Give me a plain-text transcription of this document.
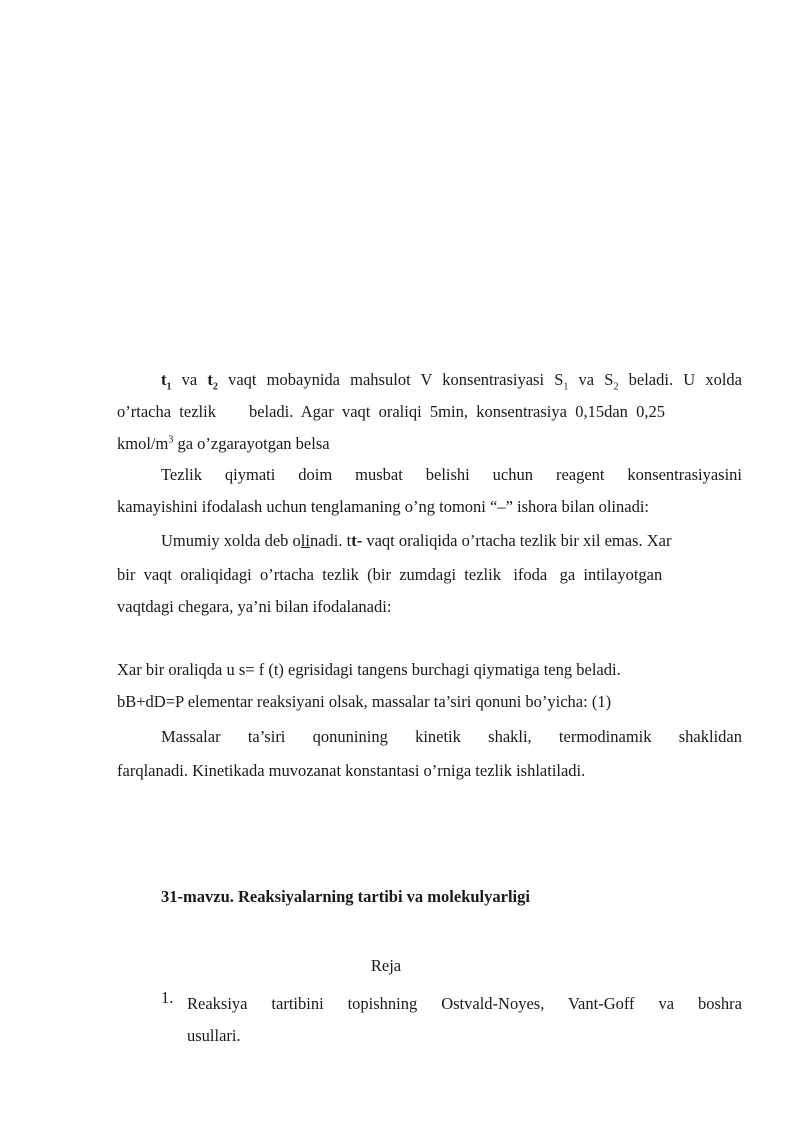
$t_1$ va $t_2$ vaqt mobaynida mahsulot V konsentrasiyasi $S_1$ va $S_2$ beladi. U xolda
o’rtacha  tezlik        beladi.  Agar  vaqt  oraliqi  5min,  konsentrasiya  0,15dan  0,25
kmol/$m^3$ ga o’zgarayotgan belsa
Tezlik qiymati doim musbat belishi uchun reagent konsentrasiyasini
kamayishini ifodalash uchun tenglamaning o’ng tomoni “–” ishora bilan olinadi:
Umumiy xolda deb olinadi. tt- vaqt oraliqida o’rtacha tezlik bir xil emas. Xar
bir  vaqt  oraliqidagi  o’rtacha  tezlik  (bir  zumdagi  tezlik   ifoda   ga  intilayotgan
vaqtdagi chegara, ya’ni bilan ifodalanadi:
Xar bir oraliqda u s= f (t) egrisidagi tangens burchagi qiymatiga teng beladi.
bB+dD=P elementar reaksiyani olsak, massalar ta’siri qonuni bo’yicha: (1)
Massalar ta’siri qonunining kinetik shakli, termodinamik shaklidan
farqlanadi. Kinetikada muvozanat konstantasi o’rniga tezlik ishlatiladi.
31-mavzu. Reaksiyalarning tartibi va molekulyarligi
Reja
1. Reaksiya tartibini topishning Ostvald-Noyes, Vant-Goff va boshra
usullari.
